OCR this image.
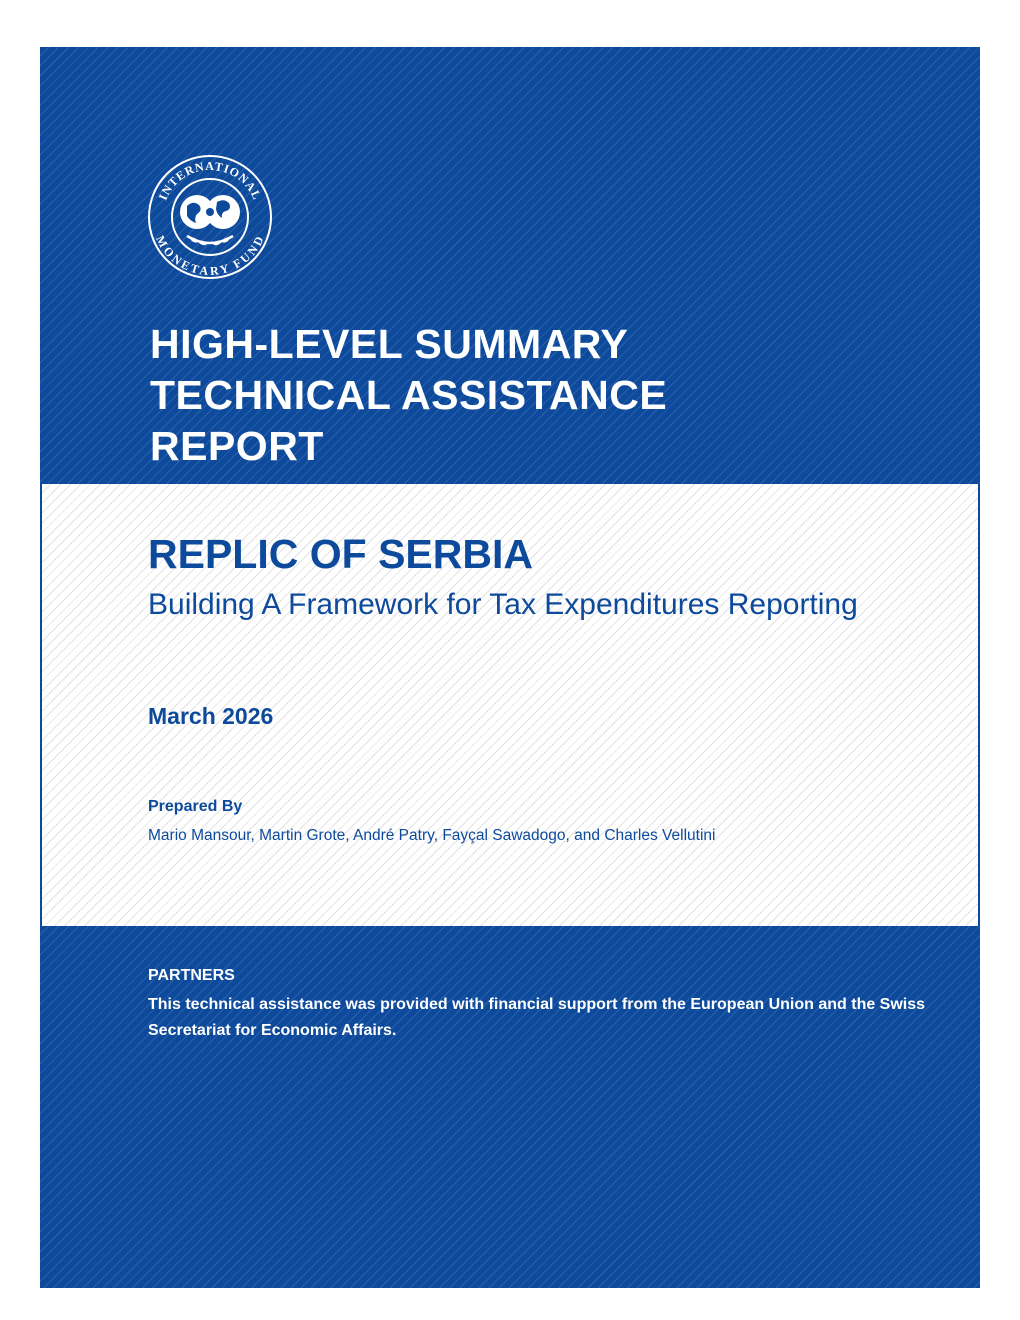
INTERNATIONAL
MONETARY FUND
HIGH-LEVEL SUMMARY
TECHNICAL ASSISTANCE
REPORT
REPLIC OF SERBIA

Building A Framework for Tax Expenditures Reporting

March 2026

Prepared By

Mario Mansour, Martin Grote, André Patry, Fayçal Sawadogo, and Charles Vellutini

PARTNERS

This technical assistance was provided with financial support from the European Union and the Swiss Secretariat for Economic Affairs.
